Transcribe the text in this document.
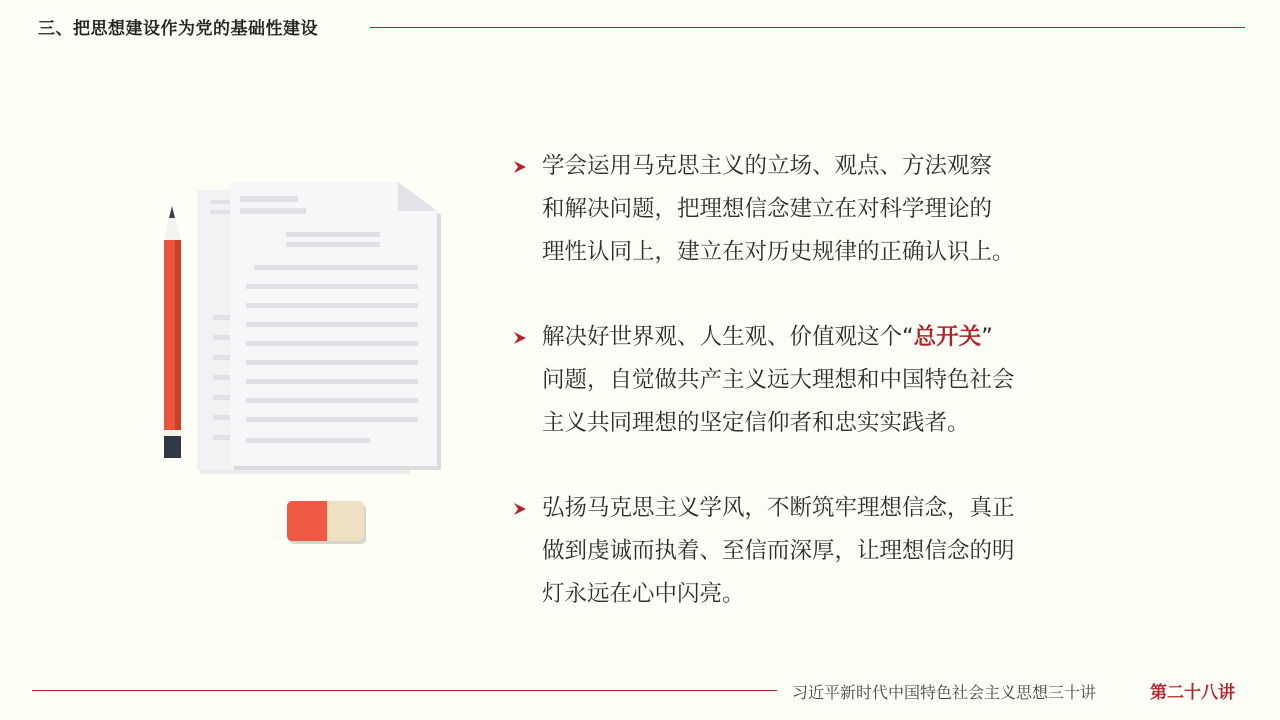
三、把思想建设作为党的基础性建设
学会运用马克思主义的立场、观点、方法观察
和解决问题，把理想信念建立在对科学理论的
理性认同上，建立在对历史规律的正确认识上。
解决好世界观、人生观、价值观这个“总开关”
问题，自觉做共产主义远大理想和中国特色社会
主义共同理想的坚定信仰者和忠实实践者。
弘扬马克思主义学风，不断筑牢理想信念，真正
做到虔诚而执着、至信而深厚，让理想信念的明
灯永远在心中闪亮。
习近平新时代中国特色社会主义思想三十讲	第二十八讲
